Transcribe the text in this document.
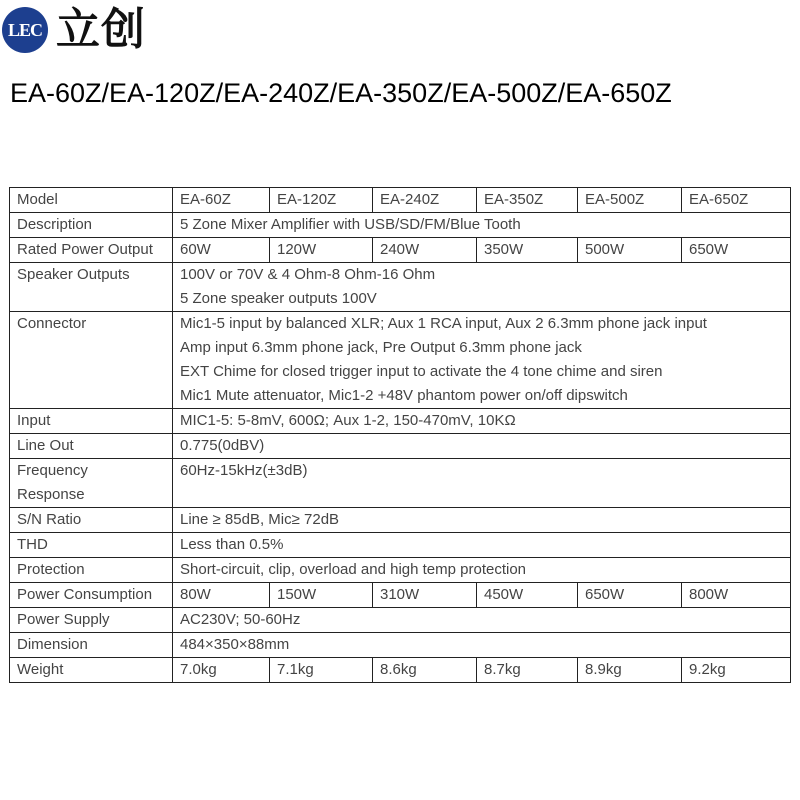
LEC 立创
EA-60Z/EA-120Z/EA-240Z/EA-350Z/EA-500Z/EA-650Z
Model	EA-60Z	EA-120Z	EA-240Z	EA-350Z	EA-500Z	EA-650Z
Description	5 Zone Mixer Amplifier with USB/SD/FM/Blue Tooth					
Rated Power Output	60W	120W	240W	350W	500W	650W
Speaker Outputs	100V or 70V & 4 Ohm-8 Ohm-16 Ohm
5 Zone speaker outputs 100V					

Connector	Mic1-5 input by balanced XLR; Aux 1 RCA input, Aux 2 6.3mm phone jack input
Amp input 6.3mm phone jack, Pre Output 6.3mm phone jack
EXT Chime for closed trigger input to activate the 4 tone chime and siren
Mic1 Mute attenuator, Mic1-2 +48V phantom power on/off dipswitch					

Input	MIC1-5: 5-8mV, 600Ω; Aux 1-2, 150-470mV, 10KΩ					
Line Out	0.775(0dBV)					

Frequency
Response	60Hz-15kHz(±3dB)					
S/N Ratio	Line ≥ 85dB, Mic≥ 72dB					
THD	Less than 0.5%					
Protection	Short-circuit, clip, overload and high temp protection					
Power Consumption	80W	150W	310W	450W	650W	800W
Power Supply	AC230V; 50-60Hz					
Dimension	484×350×88mm					
Weight	7.0kg	7.1kg	8.6kg	8.7kg	8.9kg	9.2kg
